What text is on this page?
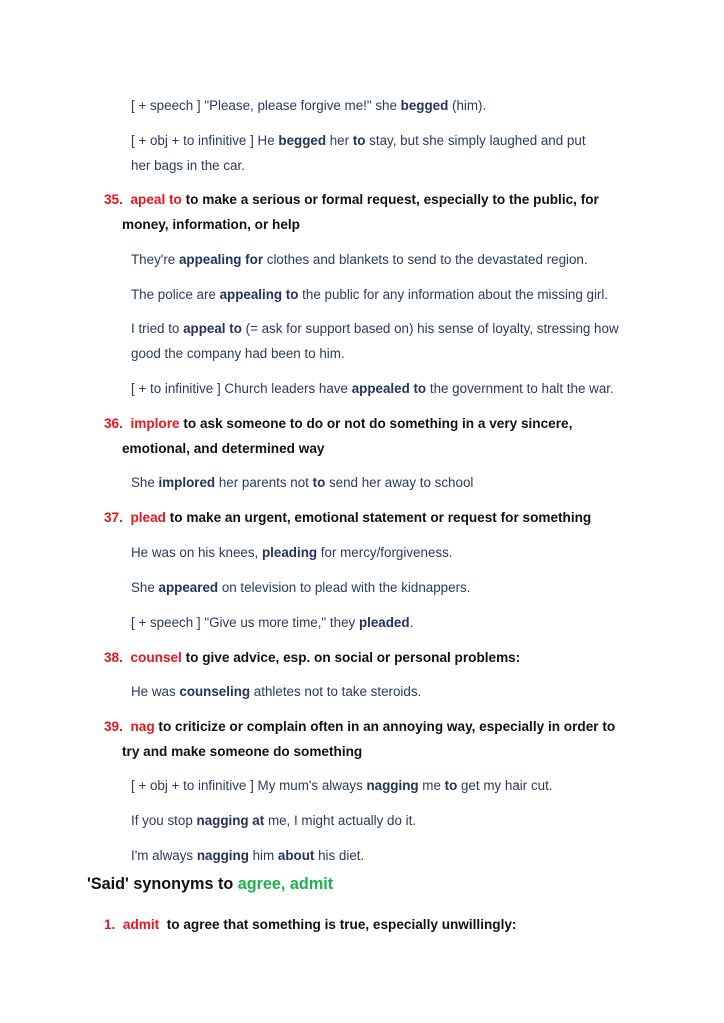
[ + speech ] "Please, please forgive me!" she begged (him).

[ + obj + to infinitive ] He begged her to stay, but she simply laughed and put
her bags in the car.

35. apeal to to make a serious or formal request, especially to the public, for
money, information, or help

They're appealing for clothes and blankets to send to the devastated region.

The police are appealing to the public for any information about the missing girl.

I tried to appeal to (= ask for support based on) his sense of loyalty, stressing how
good the company had been to him.

[ + to infinitive ] Church leaders have appealed to the government to halt the war.

36. implore to ask someone to do or not do something in a very sincere,
emotional, and determined way

She implored her parents not to send her away to school

37. plead to make an urgent, emotional statement or request for something

He was on his knees, pleading for mercy/forgiveness.

She appeared on television to plead with the kidnappers.

[ + speech ] "Give us more time," they pleaded.

38. counsel to give advice, esp. on social or personal problems:

He was counseling athletes not to take steroids.

39. nag to criticize or complain often in an annoying way, especially in order to
try and make someone do something

[ + obj + to infinitive ] My mum's always nagging me to get my hair cut.

If you stop nagging at me, I might actually do it.

I'm always nagging him about his diet.

'Said' synonyms to agree, admit

1. admit  to agree that something is true, especially unwillingly:
